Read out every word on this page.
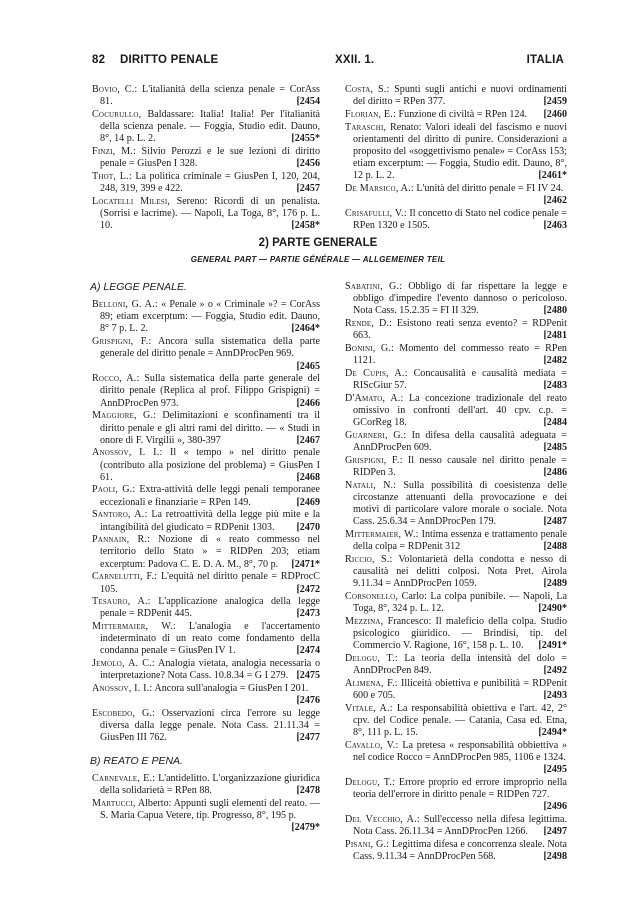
82 DIRITTO PENALE	XXII. 1.	ITALIA
Bovio, C.: L'italianità della scienza penale = CorAss 81.	[2454
Cocurullo, Baldassare: Italia! Italia! Per l'italianità della scienza penale. — Foggia, Studio edit. Dauno, 8°, 14 p. L. 2.	[2455*
Finzi, M.: Silvio Perozzi e le sue lezioni di diritto penale = GiusPen I 328.	[2456
Thot, L.: La politica criminale = GiusPen I, 120, 204, 248, 319, 399 e 422.	[2457
Locatelli Milesi, Sereno: Ricordi di un penalista. (Sorrisi e lacrime). — Napoli, La Toga, 8°, 176 p. L. 10.	[2458*
Costa, S.: Spunti sugli antichi e nuovi ordinamenti del diritto = RPen 377.	[2459
Florian, E.: Funzione di civiltà = RPen 124.	[2460
Taraschi, Renato: Valori ideali del fascismo e nuovi orientamenti del diritto di punire. Considerazioni a proposito del «soggettivismo penale» = CorAss 153; etiam excerptum: — Foggia, Studio edit. Dauno, 8°, 12 p. L. 2.	[2461*
De Marsico, A.: L'unità del diritto penale = FI IV 24.
[2462
Crisafulli, V.: Il concetto di Stato nel codice penale = RPen 1320 e 1505.	[2463
2) PARTE GENERALE
GENERAL PART — PARTIE GÉNÉRALE — ALLGEMEINER TEIL
A) LEGGE PENALE.
Belloni, G. A.: « Penale » o « Criminale »? = CorAss 89; etiam excerptum: — Foggia, Studio edit. Dauno, 8° 7 p. L. 2.	[2464*
Grispigni, F.: Ancora sulla sistematica della parte generale del diritto penale = AnnDProcPen 969.
[2465
Rocco, A.: Sulla sistematica della parte generale del diritto penale (Replica al prof. Filippo Grispigni) = AnnDProcPen 973.	[2466
Maggiore, G.: Delimitazioni e sconfinamenti tra il diritto penale e gli altri rami del diritto. — « Studi in onore di F. Virgilii », 380-397	[2467
Anossov, I. I.: Il « tempo » nel diritto penale (contributo alla posizione del problema) = GiusPen I 61.	[2468
Paoli, G.: Extra-attività delle leggi penali temporanee eccezionali e finanziarie = RPen 149.	[2469
Santoro, A.: La retroattività della legge più mite e la intangibilità del giudicato = RDPenit 1303.	[2470
Pannain, R.: Nozione di « reato commesso nel territorio dello Stato » = RIDPen 203; etiam excerptum: Padova C. E. D. A. M., 8°, 70 p.	[2471*
Carnelutti, F.: L'equità nel diritto penale = RDProcC 105.	[2472
Tesauro, A.: L'applicazione analogica della legge penale = RDPenit 445.	[2473
Mittermaier, W.: L'analogia e l'accertamento indeterminato di un reato come fondamento della condanna penale = GiusPen IV 1.	[2474
Jemolo, A. C.: Analogia vietata, analogia necessaria o interpretazione? Nota Cass. 10.8.34 = G I 279. [2475
Anossov, I. I.: Ancora sull'analogia = GiusPen I 201.
[2476
Escobedo, G.: Osservazioni circa l'errore su legge diversa dalla legge penale. Nota Cass. 21.11.34 = GiusPen III 762.	[2477
B) REATO E PENA.
Carnevale, E.: L'antidelitto. L'organizzazione giuridica della solidarietà = RPen 88.	[2478
Martucci, Alberto: Appunti sugli elementi del reato. — S. Maria Capua Vetere, tip. Progresso, 8°, 195 p.
[2479*
Sabatini, G.: Obbligo di far rispettare la legge e obbligo d'impedire l'evento dannoso o pericoloso. Nota Cass. 15.2.35 = FI II 329.	[2480
Rende, D.: Esistono reati senza evento? = RDPenit 663.	[2481
Bonini, G.: Momento del commesso reato = RPen 1121.	[2482
De Cupis, A.: Concausalità e causalità mediata = RIScGiur 57.	[2483
D'Amato, A.: La concezione tradizionale del reato omissivo in confronti dell'art. 40 cpv. c.p. = GCorReg 18.	[2484
Guarneri, G.: In difesa della causalità adeguata = AnnDProcPen 609.	[2485
Grispigni, F.: Il nesso causale nel diritto penale = RIDPen 3.	[2486
Natali, N.: Sulla possibilità di coesistenza delle circostanze attenuanti della provocazione e dei motivi di particolare valore morale o sociale. Nota Cass. 25.6.34 = AnnDProcPen 179.	[2487
Mittermaier, W.: Intima essenza e trattamento penale della colpa = RDPenit 312	[2488
Riccio, S.: Volontarietà della condotta e nesso di causalità nei delitti colposi. Nota Pret. Airola 9.11.34 = AnnDProcPen 1059.	[2489
Corsonello, Carlo: La colpa punibile. — Napoli, La Toga, 8°, 324 p. L. 12.	[2490*
Mezzina, Francesco: Il maleficio della colpa. Studio psicologico giuridico. — Brindisi, tip. del Commercio V. Ragione, 16°, 158 p. L. 10.	[2491*
Delogu, T.: La teoria della intensità del dolo = AnnDProcPen 849.	[2492
Alimena, F.: Illiceità obiettiva e punibilità = RDPenit 600 e 705.	[2493
Vitale, A.: La responsabilità obiettiva e l'art. 42, 2° cpv. del Codice penale. — Catania, Casa ed. Etna, 8°, 111 p. L. 15.	[2494*
Cavallo, V.: La pretesa « responsabilità obbiettiva » nel codice Rocco = AnnDProcPen 985, 1106 e 1324.
[2495
Delogu, T.: Errore proprio ed errore improprio nella teoria dell'errore in diritto penale = RIDPen 727.
[2496
Del Vecchio, A.: Sull'eccesso nella difesa legittima. Nota Cass. 26.11.34 = AnnDProcPen 1266.	[2497
Pisani, G.: Legittima difesa e concorrenza sleale. Nota Cass. 9.11.34 = AnnDProcPen 568.	[2498
